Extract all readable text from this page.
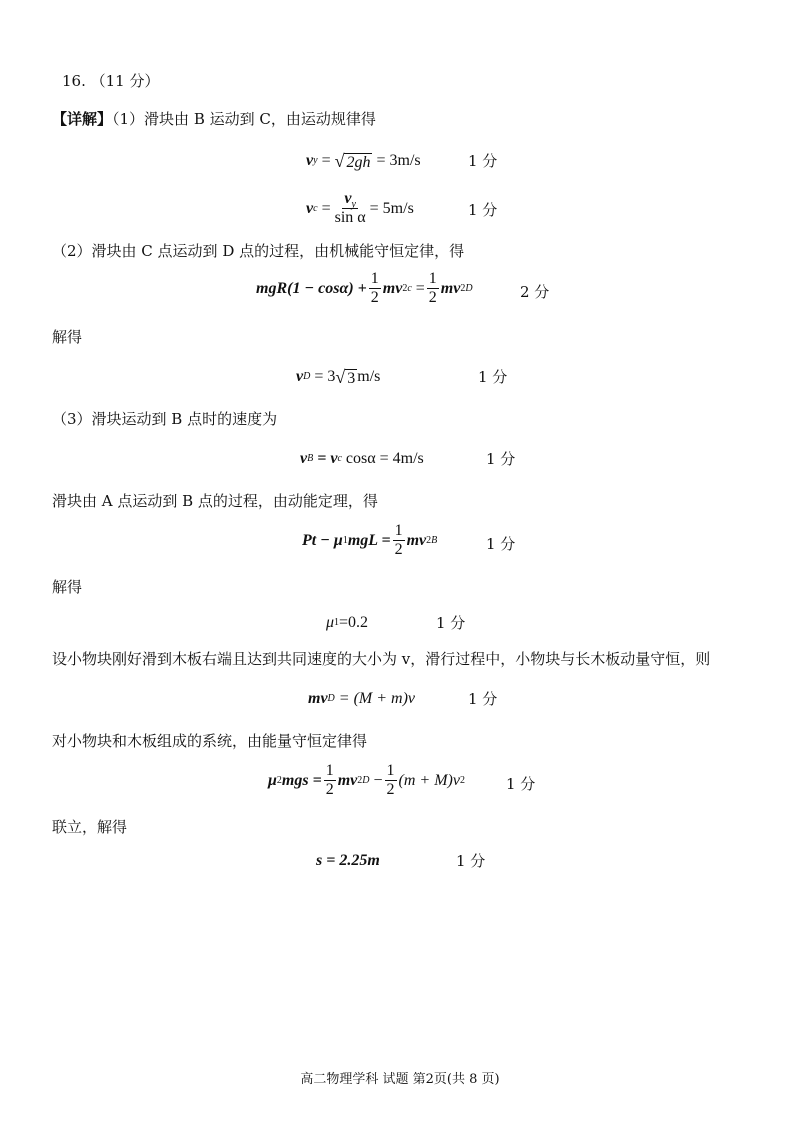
16. （11 分）
【详解】（1）滑块由 B 运动到 C，由运动规律得
v y = √ 2gh
= 3m/s	1 分
v $c = \frac{v_y}{\text{sin α}} = 5m/s$	1 分
（2）滑块由 C 点运动到 D 点的过程，由机械能守恒定律，得
$mgR(1 - \cos\alpha) + \frac{1}{2}$ mv 2 c
= $\frac{1}{2}$ mv 2 D	2 分
解得
v D
= 3 √ 3 m/s	1 分
（3）滑块运动到 B 点时的速度为
v B
= v c
cosα = 4m/s	1 分
滑块由 A 点运动到 B 点的过程，由动能定理，得
Pt − μ 1 mgL = $\frac{1}{2}$ mv 2 B	1 分
解得
μ 1 =0.2	1 分
设小物块刚好滑到木板右端且达到共同速度的大小为 v，滑行过程中，小物块与长木板动量守恒，则
mv D
= (M + m)v	1 分
对小物块和木板组成的系统，由能量守恒定律得
μ 2 mgs = $\frac{1}{2}$ mv 2 D
− $\frac{1}{2} (m + M)v$ 2	1 分
联立，解得
s = 2.25m	1 分
高二物理学科 试题 第2页(共 8 页)
